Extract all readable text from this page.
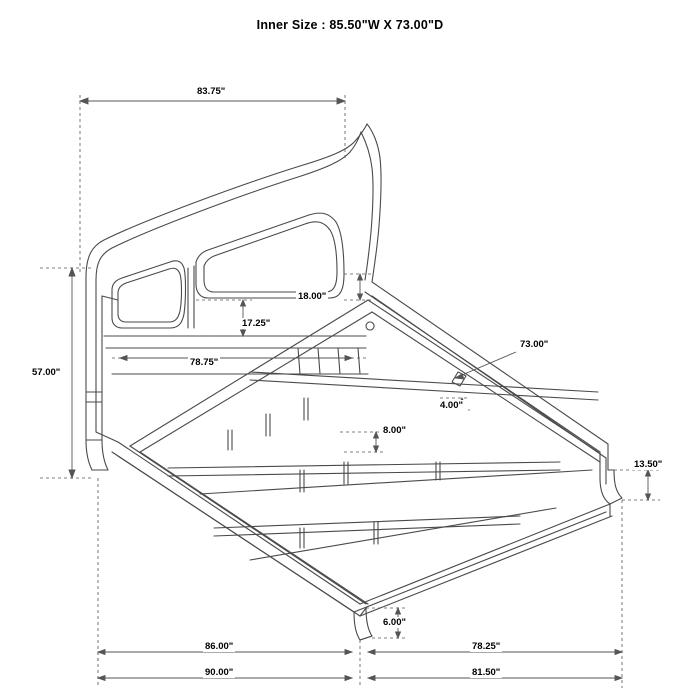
Inner Size : 85.50"W X 73.00"D
83.75"
57.00"
18.00"
17.25"
78.75"
73.00"
4.00"
8.00"
13.50"
6.00"
86.00"	78.25"
90.00"	81.50"
